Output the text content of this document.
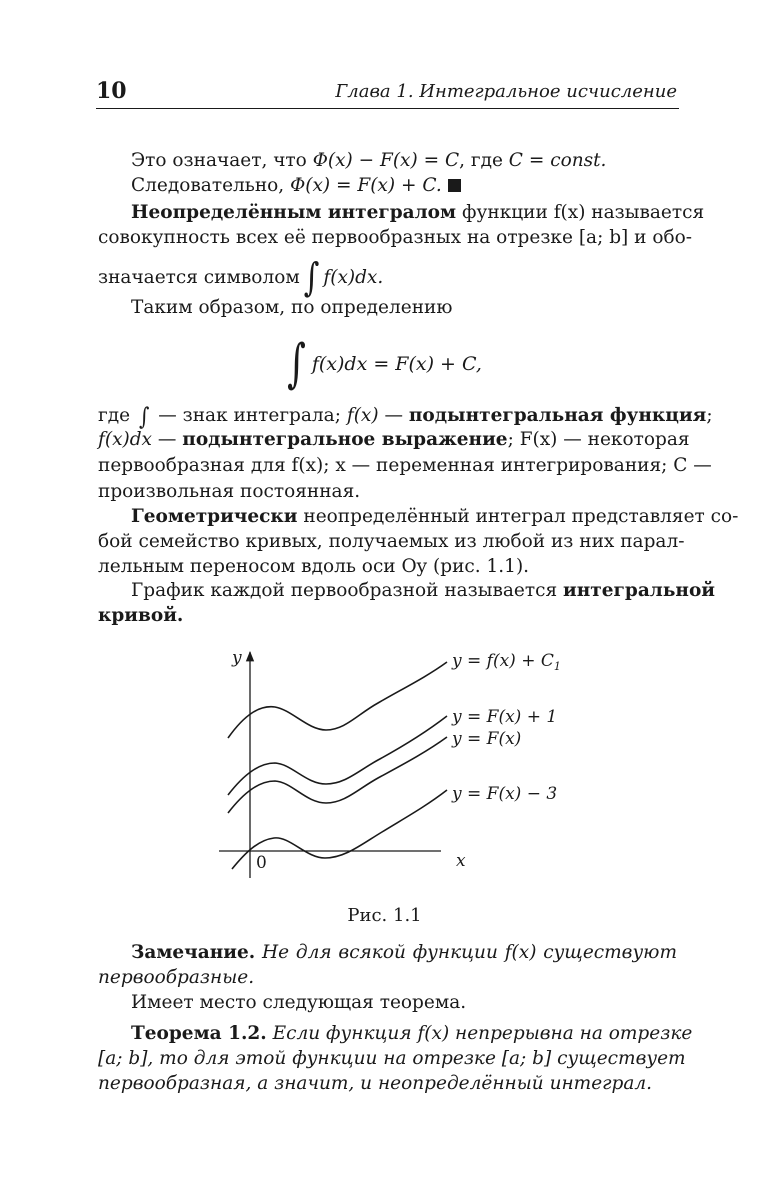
10	Глава 1. Интегральное исчисление
Это означает, что Φ(x) − F(x) = C, где C = const.
Следовательно, Φ(x) = F(x) + C.
Неопределённым интегралом функции f(x) называется
совокупность всех её первообразных на отрезке [a; b] и обо-
значается символом ∫ f(x)dx.
Таким образом, по определению
∫ f(x)dx = F(x) + C,
где ∫ — знак интеграла; f(x) — подынтегральная функция;
f(x)dx — подынтегральное выражение; F(x) — некоторая
первообразная для f(x); x — переменная интегрирования; C —
произвольная постоянная.
Геометрически неопределённый интеграл представляет со-
бой семейство кривых, получаемых из любой из них парал-
лельным переносом вдоль оси Oy (рис. 1.1).
График каждой первообразной называется интегральной
кривой.
y
x
0
$y = f(x) + C_1$
y = F(x) + 1
y = F(x)
y = F(x) − 3
Рис. 1.1
Замечание. Не для всякой функции f(x) существуют
первообразные.
Имеет место следующая теорема.
Теорема 1.2. Если функция f(x) непрерывна на отрезке
[a; b], то для этой функции на отрезке [a; b] существует
первообразная, а значит, и неопределённый интеграл.
